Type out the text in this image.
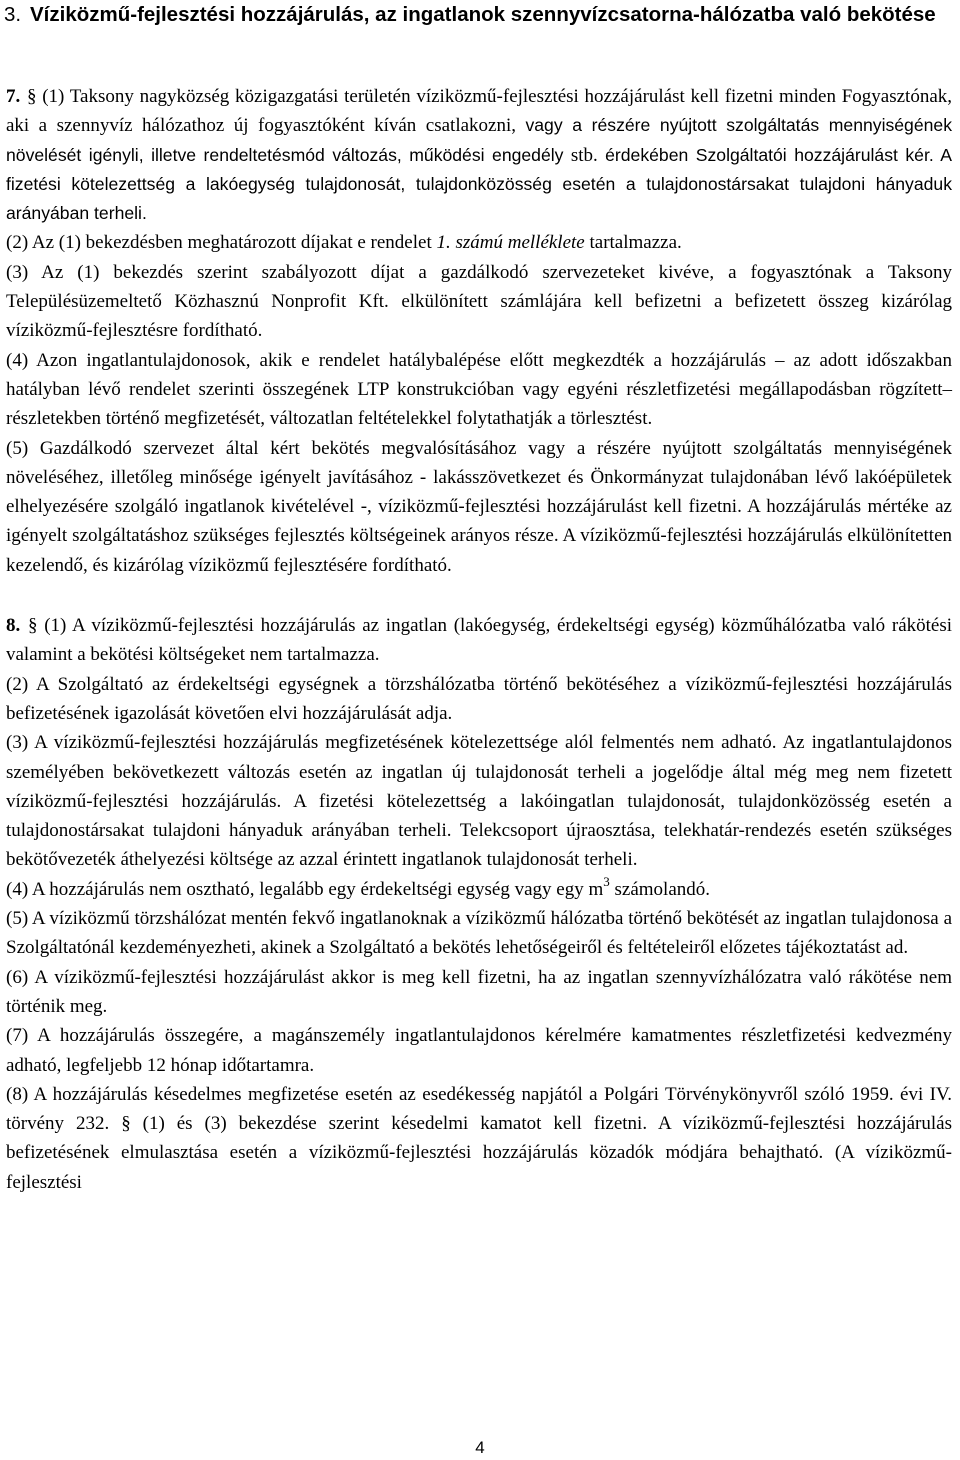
3. Víziközmű-fejlesztési hozzájárulás, az ingatlanok szennyvízcsatorna-hálózatba való bekötése

7. § (1) Taksony nagyközség közigazgatási területén víziközmű-fejlesztési hozzájárulást kell fizetni minden Fogyasztónak, aki a szennyvíz hálózathoz új fogyasztóként kíván csatlakozni, vagy a részére nyújtott szolgáltatás mennyiségének növelését igényli, illetve rendeltetésmód változás, működési engedély stb. érdekében Szolgáltatói hozzájárulást kér. A fizetési kötelezettség a lakóegység tulajdonosát, tulajdonközösség esetén a tulajdonostársakat tulajdoni hányaduk arányában terheli.

(2) Az (1) bekezdésben meghatározott díjakat e rendelet 1. számú melléklete tartalmazza.

(3) Az (1) bekezdés szerint szabályozott díjat a gazdálkodó szervezeteket kivéve, a fogyasztónak a Taksony Településüzemeltető Közhasznú Nonprofit Kft. elkülönített számlájára kell befizetni a befizetett összeg kizárólag víziközmű-fejlesztésre fordítható.

(4) Azon ingatlantulajdonosok, akik e rendelet hatálybalépése előtt megkezdték a hozzájárulás – az adott időszakban hatályban lévő rendelet szerinti összegének LTP konstrukcióban vagy egyéni részletfizetési megállapodásban rögzített– részletekben történő megfizetését, változatlan feltételekkel folytathatják a törlesztést.

(5) Gazdálkodó szervezet által kért bekötés megvalósításához vagy a részére nyújtott szolgáltatás mennyiségének növeléséhez, illetőleg minősége igényelt javításához - lakásszövetkezet és Önkormányzat tulajdonában lévő lakóépületek elhelyezésére szolgáló ingatlanok kivételével -, víziközmű-fejlesztési hozzájárulást kell fizetni. A hozzájárulás mértéke az igényelt szolgáltatáshoz szükséges fejlesztés költségeinek arányos része. A víziközmű-fejlesztési hozzájárulás elkülönítetten kezelendő, és kizárólag víziközmű fejlesztésére fordítható.

8. § (1) A víziközmű-fejlesztési hozzájárulás az ingatlan (lakóegység, érdekeltségi egység) közműhálózatba való rákötési valamint a bekötési költségeket nem tartalmazza.

(2) A Szolgáltató az érdekeltségi egységnek a törzshálózatba történő bekötéséhez a víziközmű-fejlesztési hozzájárulás befizetésének igazolását követően elvi hozzájárulását adja.

(3) A víziközmű-fejlesztési hozzájárulás megfizetésének kötelezettsége alól felmentés nem adható. Az ingatlantulajdonos személyében bekövetkezett változás esetén az ingatlan új tulajdonosát terheli a jogelődje által még meg nem fizetett víziközmű-fejlesztési hozzájárulás. A fizetési kötelezettség a lakóingatlan tulajdonosát, tulajdonközösség esetén a tulajdonostársakat tulajdoni hányaduk arányában terheli. Telekcsoport újraosztása, telekhatár-rendezés esetén szükséges bekötővezeték áthelyezési költsége az azzal érintett ingatlanok tulajdonosát terheli.

(4) A hozzájárulás nem osztható, legalább egy érdekeltségi egység vagy egy $m^3$ számolandó.

(5) A víziközmű törzshálózat mentén fekvő ingatlanoknak a víziközmű hálózatba történő bekötését az ingatlan tulajdonosa a Szolgáltatónál kezdeményezheti, akinek a Szolgáltató a bekötés lehetőségeiről és feltételeiről előzetes tájékoztatást ad.

(6) A víziközmű-fejlesztési hozzájárulást akkor is meg kell fizetni, ha az ingatlan szennyvízhálózatra való rákötése nem történik meg.

(7) A hozzájárulás összegére, a magánszemély ingatlantulajdonos kérelmére kamatmentes részletfizetési kedvezmény adható, legfeljebb 12 hónap időtartamra.

(8) A hozzájárulás késedelmes megfizetése esetén az esedékesség napjától a Polgári Törvénykönyvről szóló 1959. évi IV. törvény 232. § (1) és (3) bekezdése szerint késedelmi kamatot kell fizetni. A víziközmű-fejlesztési hozzájárulás befizetésének elmulasztása esetén a víziközmű-fejlesztési hozzájárulás közadók módjára behajtható. (A víziközmű-fejlesztési

4
